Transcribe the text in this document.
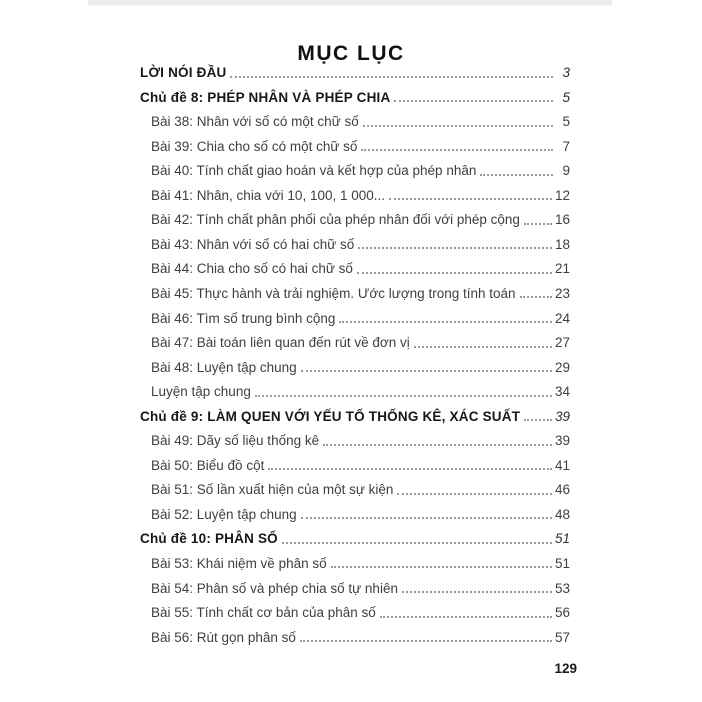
MỤC LỤC
LỜI NÓI ĐẦU	3
Chủ đề 8: PHÉP NHÂN VÀ PHÉP CHIA	5
Bài 38: Nhân với số có một chữ số	5
Bài 39: Chia cho số có một chữ số	7
Bài 40: Tính chất giao hoán và kết hợp của phép nhân	9
Bài 41: Nhân, chia với 10, 100, 1 000...	12
Bài 42: Tính chất phân phối của phép nhân đối với phép cộng	16
Bài 43: Nhân với số có hai chữ số	18
Bài 44: Chia cho số có hai chữ số	21
Bài 45: Thực hành và trải nghiệm. Ước lượng trong tính toán	23
Bài 46: Tìm số trung bình cộng	24
Bài 47: Bài toán liên quan đến rút về đơn vị	27
Bài 48: Luyện tập chung	29
Luyện tập chung	34
Chủ đề 9: LÀM QUEN VỚI YẾU TỐ THỐNG KÊ, XÁC SUẤT	39
Bài 49: Dãy số liệu thống kê	39
Bài 50: Biểu đồ cột	41
Bài 51: Số lần xuất hiện của một sự kiện	46
Bài 52: Luyện tập chung	48
Chủ đề 10: PHÂN SỐ	51
Bài 53: Khái niệm về phân số	51
Bài 54: Phân số và phép chia số tự nhiên	53
Bài 55: Tính chất cơ bản của phân số	56
Bài 56: Rút gọn phân số	57
129
